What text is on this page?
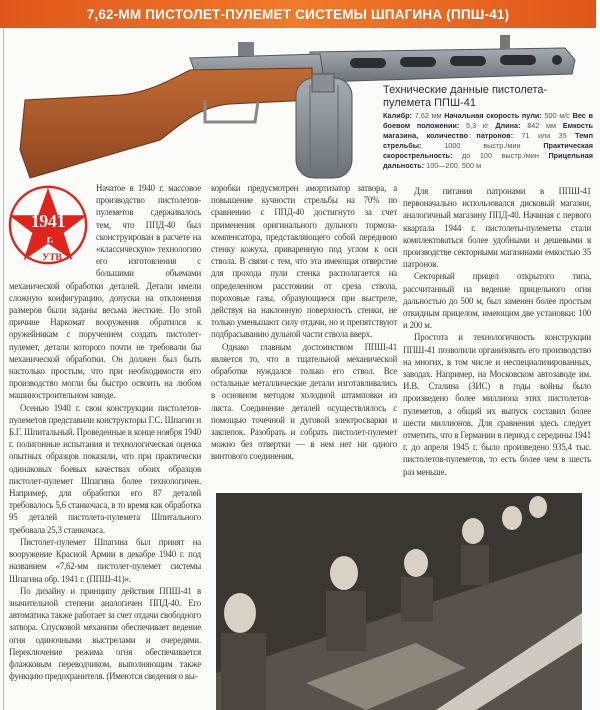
7,62-ММ ПИСТОЛЕТ-ПУЛЕМЕТ СИСТЕМЫ ШПАГИНА (ППШ-41)
Технические данные пистолета-пулемета ППШ-41

Калибр: 7,62 мм Начальная скорость пули: 500 м/с Вес в боевом положении: 5,3 кг Длина: 842 мм Емкость магазина, количество патронов: 71 или 35 Темп стрельбы:	1000 выстр./мин	Практическая скорострельность: до 100 выстр./мин Прицельная дальность: 100—200, 500 м

1941
г.
УТВ

Начатое в 1940 г. массовое производство пистолетов-пулеметов сдерживалось тем, что ППД-40 был сконструирован в расчете на «классическую» технологию его изготовления с большими объемами механической обработки деталей. Детали имели сложную конфигурацию, допуски на отклонения размеров были заданы весьма жесткие. По этой причине Наркомат вооружения обратился к оружейникам с поручением создать пистолет-пулемет, детали которого почти не требовали бы механической обработки. Он должен был быть настолько простым, что при необходимости его производство могли бы быстро освоить на любом машиностроительном заводе.

Осенью 1940 г. свои конструкции пистолетов-пулеметов представили конструкторы Г.С. Шпагин и Б.Г. Шпитальный. Проведенные в конце ноября 1940 г. полигонные испытания и технологическая оценка опытных образцов показали, что при практически одинаковых боевых качествах обоих образцов пистолет-пулемет Шпагина более технологичен. Например, для обработки его 87 деталей требовалось 5,6 станкочаса, в то время как обработка 95 деталей пистолета-пулемета Шпитального требовала 25,3 станкочаса.

Пистолет-пулемет Шпагина был принят на вооружение Красной Армии в декабре 1940 г. под названием «7,62-мм пистолет-пулемет системы Шпагина обр. 1941 г. (ППШ-41)».

По дизайну и принципу действия ППШ-41 в значительной степени аналогичен ППД-40. Его автоматика также работает за счет отдачи свободного затвора. Спусковой механизм обеспечивает ведение огня одиночными выстрелами и очередями. Переключение режима огня обеспечивается флажковым переводчиком, выполняющим также функцию предохранителя. (Имеются сведения о вы-

коробки предусмотрен амортизатор затвора, а повышение кучности стрельбы на 70% по сравнению с ППД-40 достигнуто за счет применения оригинального дульного тормоза-компенсатора, представляющего собой переднюю стенку кожуха, приваренную под углом к оси ствола. В связи с тем, что эта имеющая отверстие для прохода пули стенка располагается на определенном расстоянии от среза ствола, пороховые газы, образующиеся при выстреле, действуя на наклонную поверхность стенки, не только уменьшают силу отдачи, но и препятствуют подбрасыванию дульной части ствола вверх.

Однако главным достоинством ППШ-41 является то, что в тщательной механической обработке нуждался только его ствол. Все остальные металлические детали изготавливались в основном методом холодной штамповки из листа. Соединение деталей осуществлялось с помощью точечной и дуговой электросварки и заклепок. Разобрать и собрать пистолет-пулемет можно без отвертки — в нем нет ни одного винтового соединения.

Для питания патронами в ППШ-41 первоначально использовался дисковый магазин, аналогичный магазину ППД-40. Начиная с первого квартала 1944 г. пистолеты-пулеметы стали комплектоваться более удобными и дешевыми в производстве секторными магазинами емкостью 35 патронов.

Секторный прицел открытого типа, рассчитанный на ведение прицельного огня дальностью до 500 м, был заменен более простым откидным прицелом, имеющим две установки: 100 и 200 м.

Простота и технологичность конструкции ППШ-41 позволили организовать его производство на многих, в том числе и неспециализированных, заводах. Например, на Московском автозаводе им. И.В. Сталина (ЗИС) в годы войны было произведено более миллиона этих пистолетов-пулеметов, а общий их выпуск составил более шести миллионов. Для сравнения здесь следует отметить, что в Германии в период с середины 1941 г. до апреля 1945 г. было произведено 935,4 тыс. пистолетов-пулеметов, то есть более чем в шесть раз меньше.
